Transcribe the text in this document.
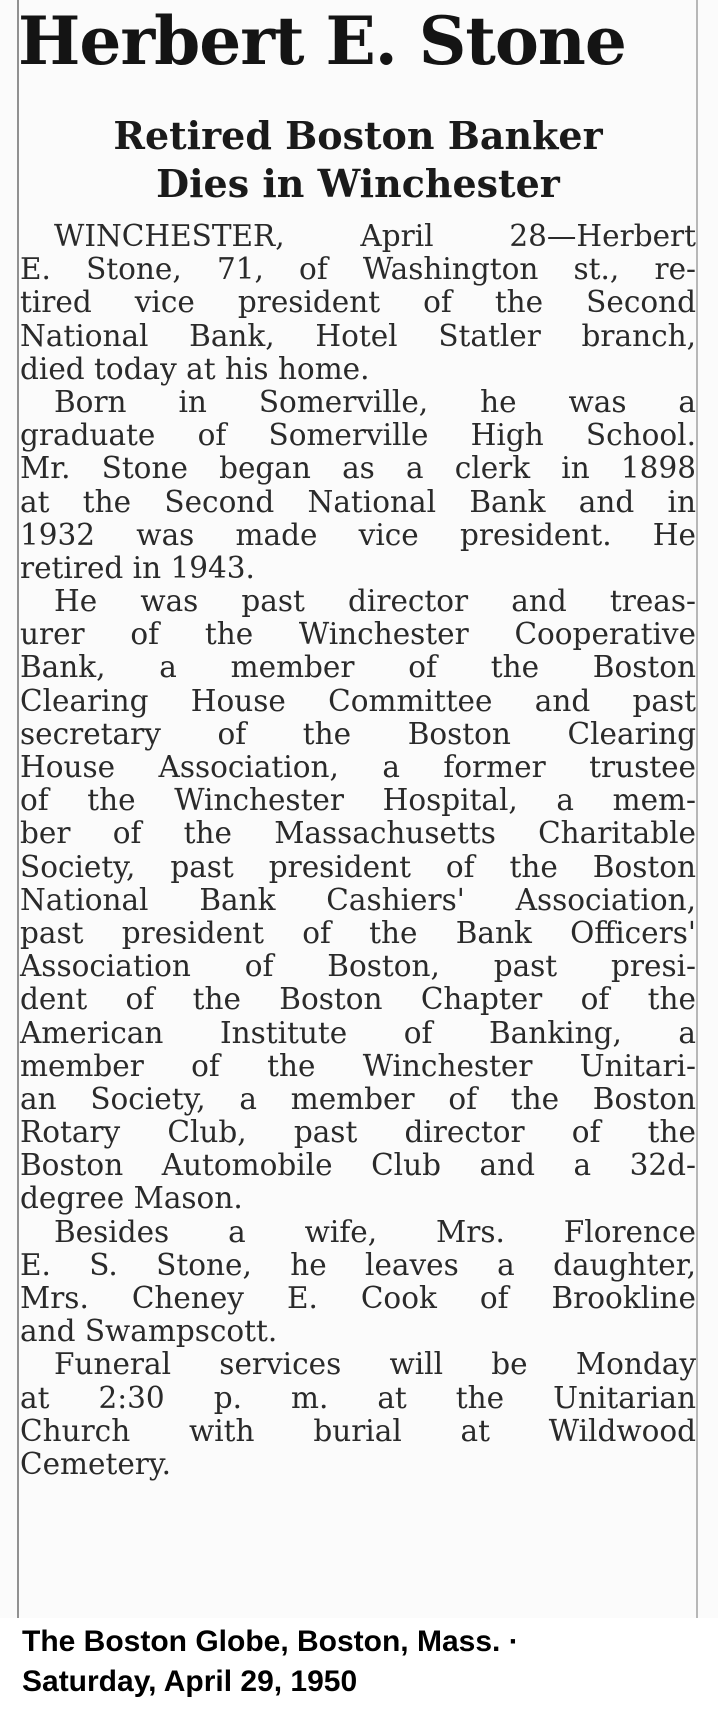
Herbert E. Stone
Retired Boston Banker
Dies in Winchester
WINCHESTER, April 28—Herbert
E. Stone, 71, of Washington st., re-
tired vice president of the Second
National Bank, Hotel Statler branch,
died today at his home.
Born in Somerville, he was a
graduate of Somerville High School.
Mr. Stone began as a clerk in 1898
at the Second National Bank and in
1932 was made vice president. He
retired in 1943.
He was past director and treas-
urer of the Winchester Cooperative
Bank, a member of the Boston
Clearing House Committee and past
secretary of the Boston Clearing
House Association, a former trustee
of the Winchester Hospital, a mem-
ber of the Massachusetts Charitable
Society, past president of the Boston
National Bank Cashiers' Association,
past president of the Bank Officers'
Association of Boston, past presi-
dent of the Boston Chapter of the
American Institute of Banking, a
member of the Winchester Unitari-
an Society, a member of the Boston
Rotary Club, past director of the
Boston Automobile Club and a 32d-
degree Mason.
Besides a wife, Mrs. Florence
E. S. Stone, he leaves a daughter,
Mrs. Cheney E. Cook of Brookline
and Swampscott.
Funeral services will be Monday
at 2:30 p. m. at the Unitarian
Church with burial at Wildwood
Cemetery.
The Boston Globe, Boston, Mass. ·
Saturday, April 29, 1950
